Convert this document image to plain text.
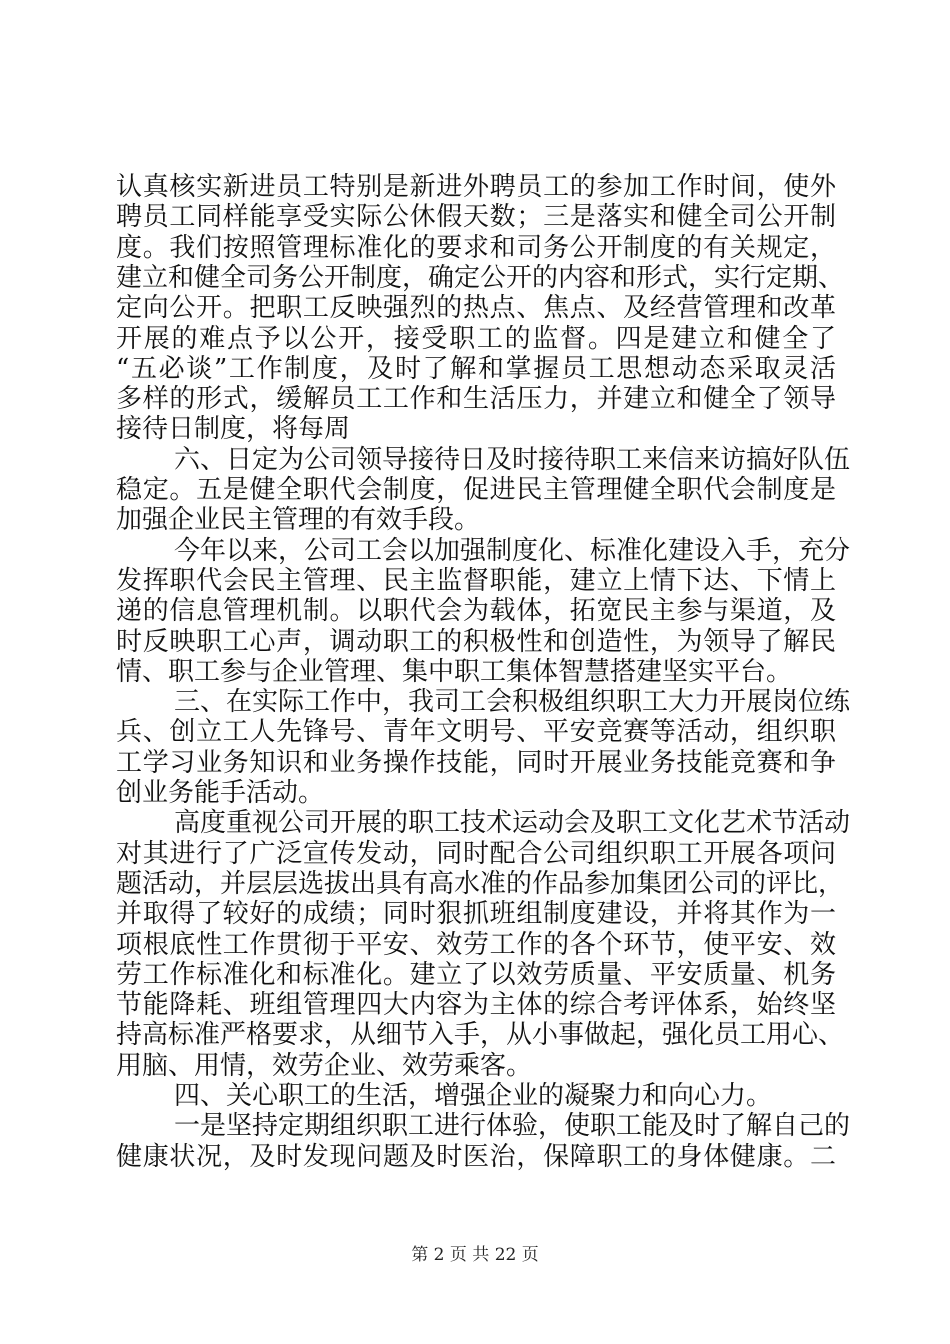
认真核实新进员工特别是新进外聘员工的参加工作时间，使外
聘员工同样能享受实际公休假天数；三是落实和健全司公开制
度。我们按照管理标准化的要求和司务公开制度的有关规定，
建立和健全司务公开制度，确定公开的内容和形式，实行定期、
定向公开。把职工反映强烈的热点、焦点、及经营管理和改革
开展的难点予以公开，接受职工的监督。四是建立和健全了
“五必谈”工作制度，及时了解和掌握员工思想动态采取灵活
多样的形式，缓解员工工作和生活压力，并建立和健全了领导
接待日制度，将每周
六、日定为公司领导接待日及时接待职工来信来访搞好队伍
稳定。五是健全职代会制度，促进民主管理健全职代会制度是
加强企业民主管理的有效手段。
今年以来，公司工会以加强制度化、标准化建设入手，充分
发挥职代会民主管理、民主监督职能，建立上情下达、下情上
递的信息管理机制。以职代会为载体，拓宽民主参与渠道，及
时反映职工心声，调动职工的积极性和创造性，为领导了解民
情、职工参与企业管理、集中职工集体智慧搭建坚实平台。
三、在实际工作中，我司工会积极组织职工大力开展岗位练
兵、创立工人先锋号、青年文明号、平安竞赛等活动，组织职
工学习业务知识和业务操作技能，同时开展业务技能竞赛和争
创业务能手活动。
高度重视公司开展的职工技术运动会及职工文化艺术节活动
对其进行了广泛宣传发动，同时配合公司组织职工开展各项问
题活动，并层层选拔出具有高水准的作品参加集团公司的评比，
并取得了较好的成绩；同时狠抓班组制度建设，并将其作为一
项根底性工作贯彻于平安、效劳工作的各个环节，使平安、效
劳工作标准化和标准化。建立了以效劳质量、平安质量、机务
节能降耗、班组管理四大内容为主体的综合考评体系，始终坚
持高标准严格要求，从细节入手，从小事做起，强化员工用心、
用脑、用情，效劳企业、效劳乘客。
四、关心职工的生活，增强企业的凝聚力和向心力。
一是坚持定期组织职工进行体验，使职工能及时了解自己的
健康状况，及时发现问题及时医治，保障职工的身体健康。二
第 2 页 共 22 页
